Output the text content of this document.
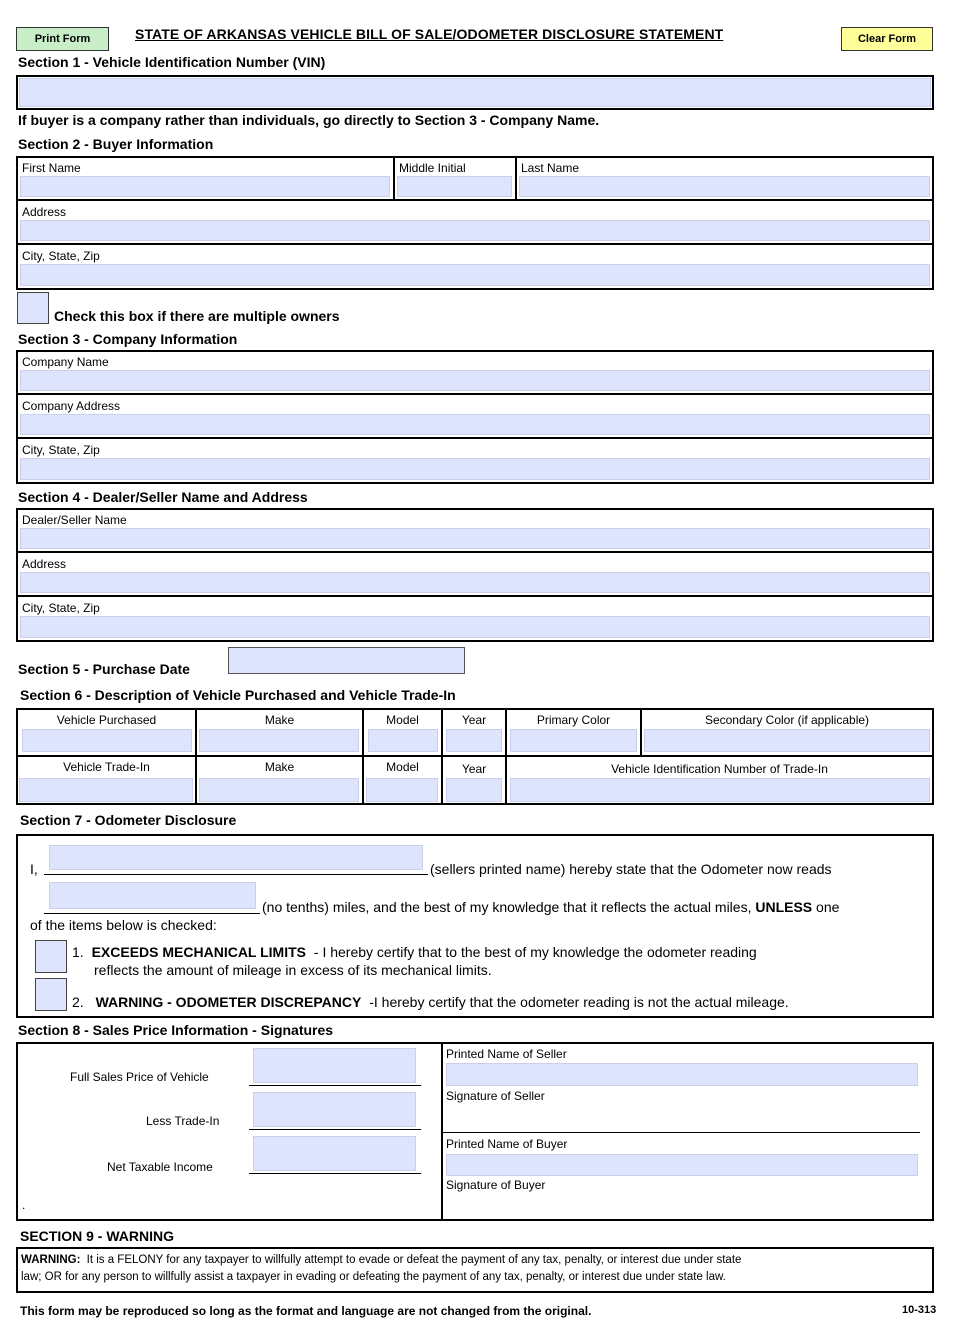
Print Form	STATE OF ARKANSAS VEHICLE BILL OF SALE/ODOMETER DISCLOSURE STATEMENT	Clear Form
Section 1 - Vehicle Identification Number (VIN)
If buyer is a company rather than individuals, go directly to Section 3 - Company Name.
Section 2 - Buyer Information
First Name	Middle Initial	Last Name
Address
City, State, Zip
Check this box if there are multiple owners
Section 3 - Company Information
Company Name
Company Address
City, State, Zip
Section 4 - Dealer/Seller Name and Address
Dealer/Seller Name
Address
City, State, Zip
Section 5 - Purchase Date
Section 6 - Description of Vehicle Purchased and Vehicle Trade-In
Vehicle Purchased	Make	Model	Year	Primary Color	Secondary Color (if applicable)
Vehicle Trade-In	Make	Model	Year	Vehicle Identification Number of Trade-In
Section 7 - Odometer Disclosure
I,	(sellers printed name) hereby state that the Odometer now reads
(no tenths) miles, and the best of my knowledge that it reflects the actual miles, UNLESS one
of the items below is checked:
1. EXCEEDS MECHANICAL LIMITS - I hereby certify that to the best of my knowledge the odometer reading
reflects the amount of mileage in excess of its mechanical limits.
2. WARNING - ODOMETER DISCREPANCY -I hereby certify that the odometer reading is not the actual mileage.
Section 8 - Sales Price Information - Signatures
Full Sales Price of Vehicle
Less Trade-In
Net Taxable Income
.
Printed Name of Seller
Signature of Seller
Printed Name of Buyer
Signature of Buyer
SECTION 9 - WARNING
WARNING: It is a FELONY for any taxpayer to willfully attempt to evade or defeat the payment of any tax, penalty, or interest due under state
law; OR for any person to willfully assist a taxpayer in evading or defeating the payment of any tax, penalty, or interest due under state law.
This form may be reproduced so long as the format and language are not changed from the original.	10-313
